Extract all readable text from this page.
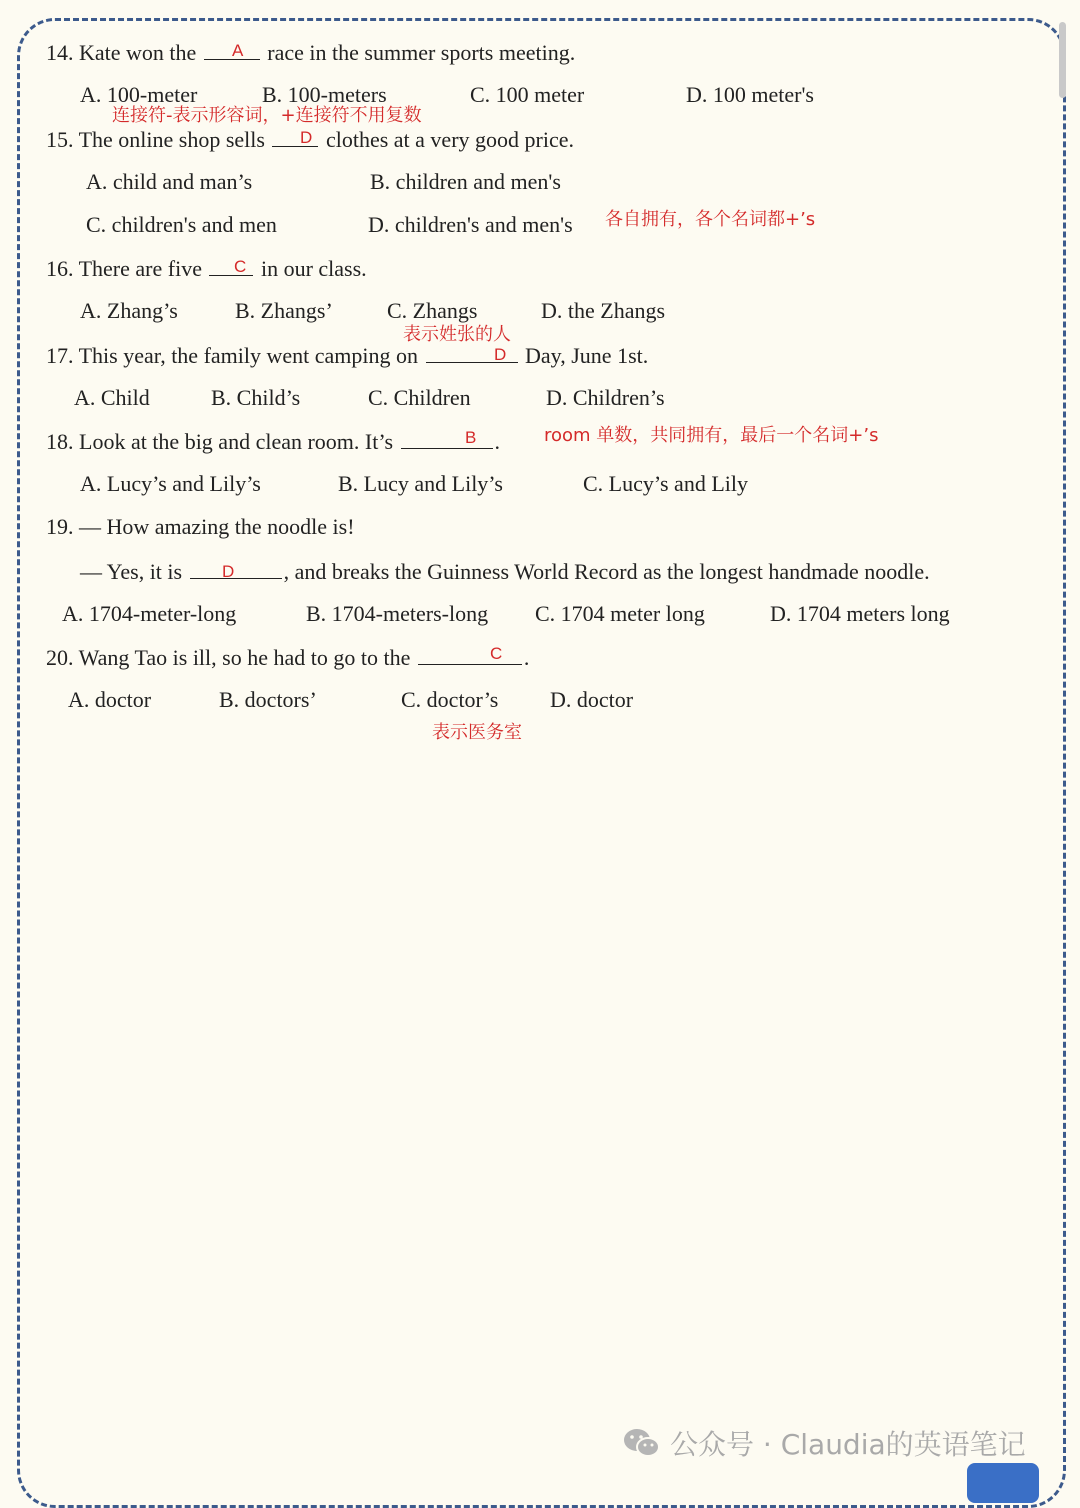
14. Kate won the	race in the summer sports meeting.
A
A. 100-meter	B. 100-meters	C. 100 meter	D. 100 meter's
连接符-表示形容词，+连接符不用复数
15. The online shop sells	clothes at a very good price.
D
A. child and man’s	B. children and men's
C. children's and men	D. children's and men's 各自拥有，各个名词都+’s
16. There are five	in our class.
C
A. Zhang’s	B. Zhangs’ C. Zhangs	D. the Zhangs
表示姓张的人
17. This year, the family went camping on	Day, June 1st.
D
A. Child	B. Child’s	C. Children	D. Children’s
18. Look at the big and clean room. It’s	.
B	room 单数，共同拥有，最后一个名词+’s
A. Lucy’s and Lily’s	B. Lucy and Lily’s	C. Lucy’s and Lily
19. — How amazing the noodle is!
— Yes, it is	, and breaks the Guinness World Record as the longest handmade noodle.
D
A. 1704-meter-long	B. 1704-meters-long C. 1704 meter long	D. 1704 meters long
20. Wang Tao is ill, so he had to go to the	.
C
A. doctor	B. doctors’	C. doctor’s D. doctor
表示医务室
公众号 · Claudia的英语笔记
